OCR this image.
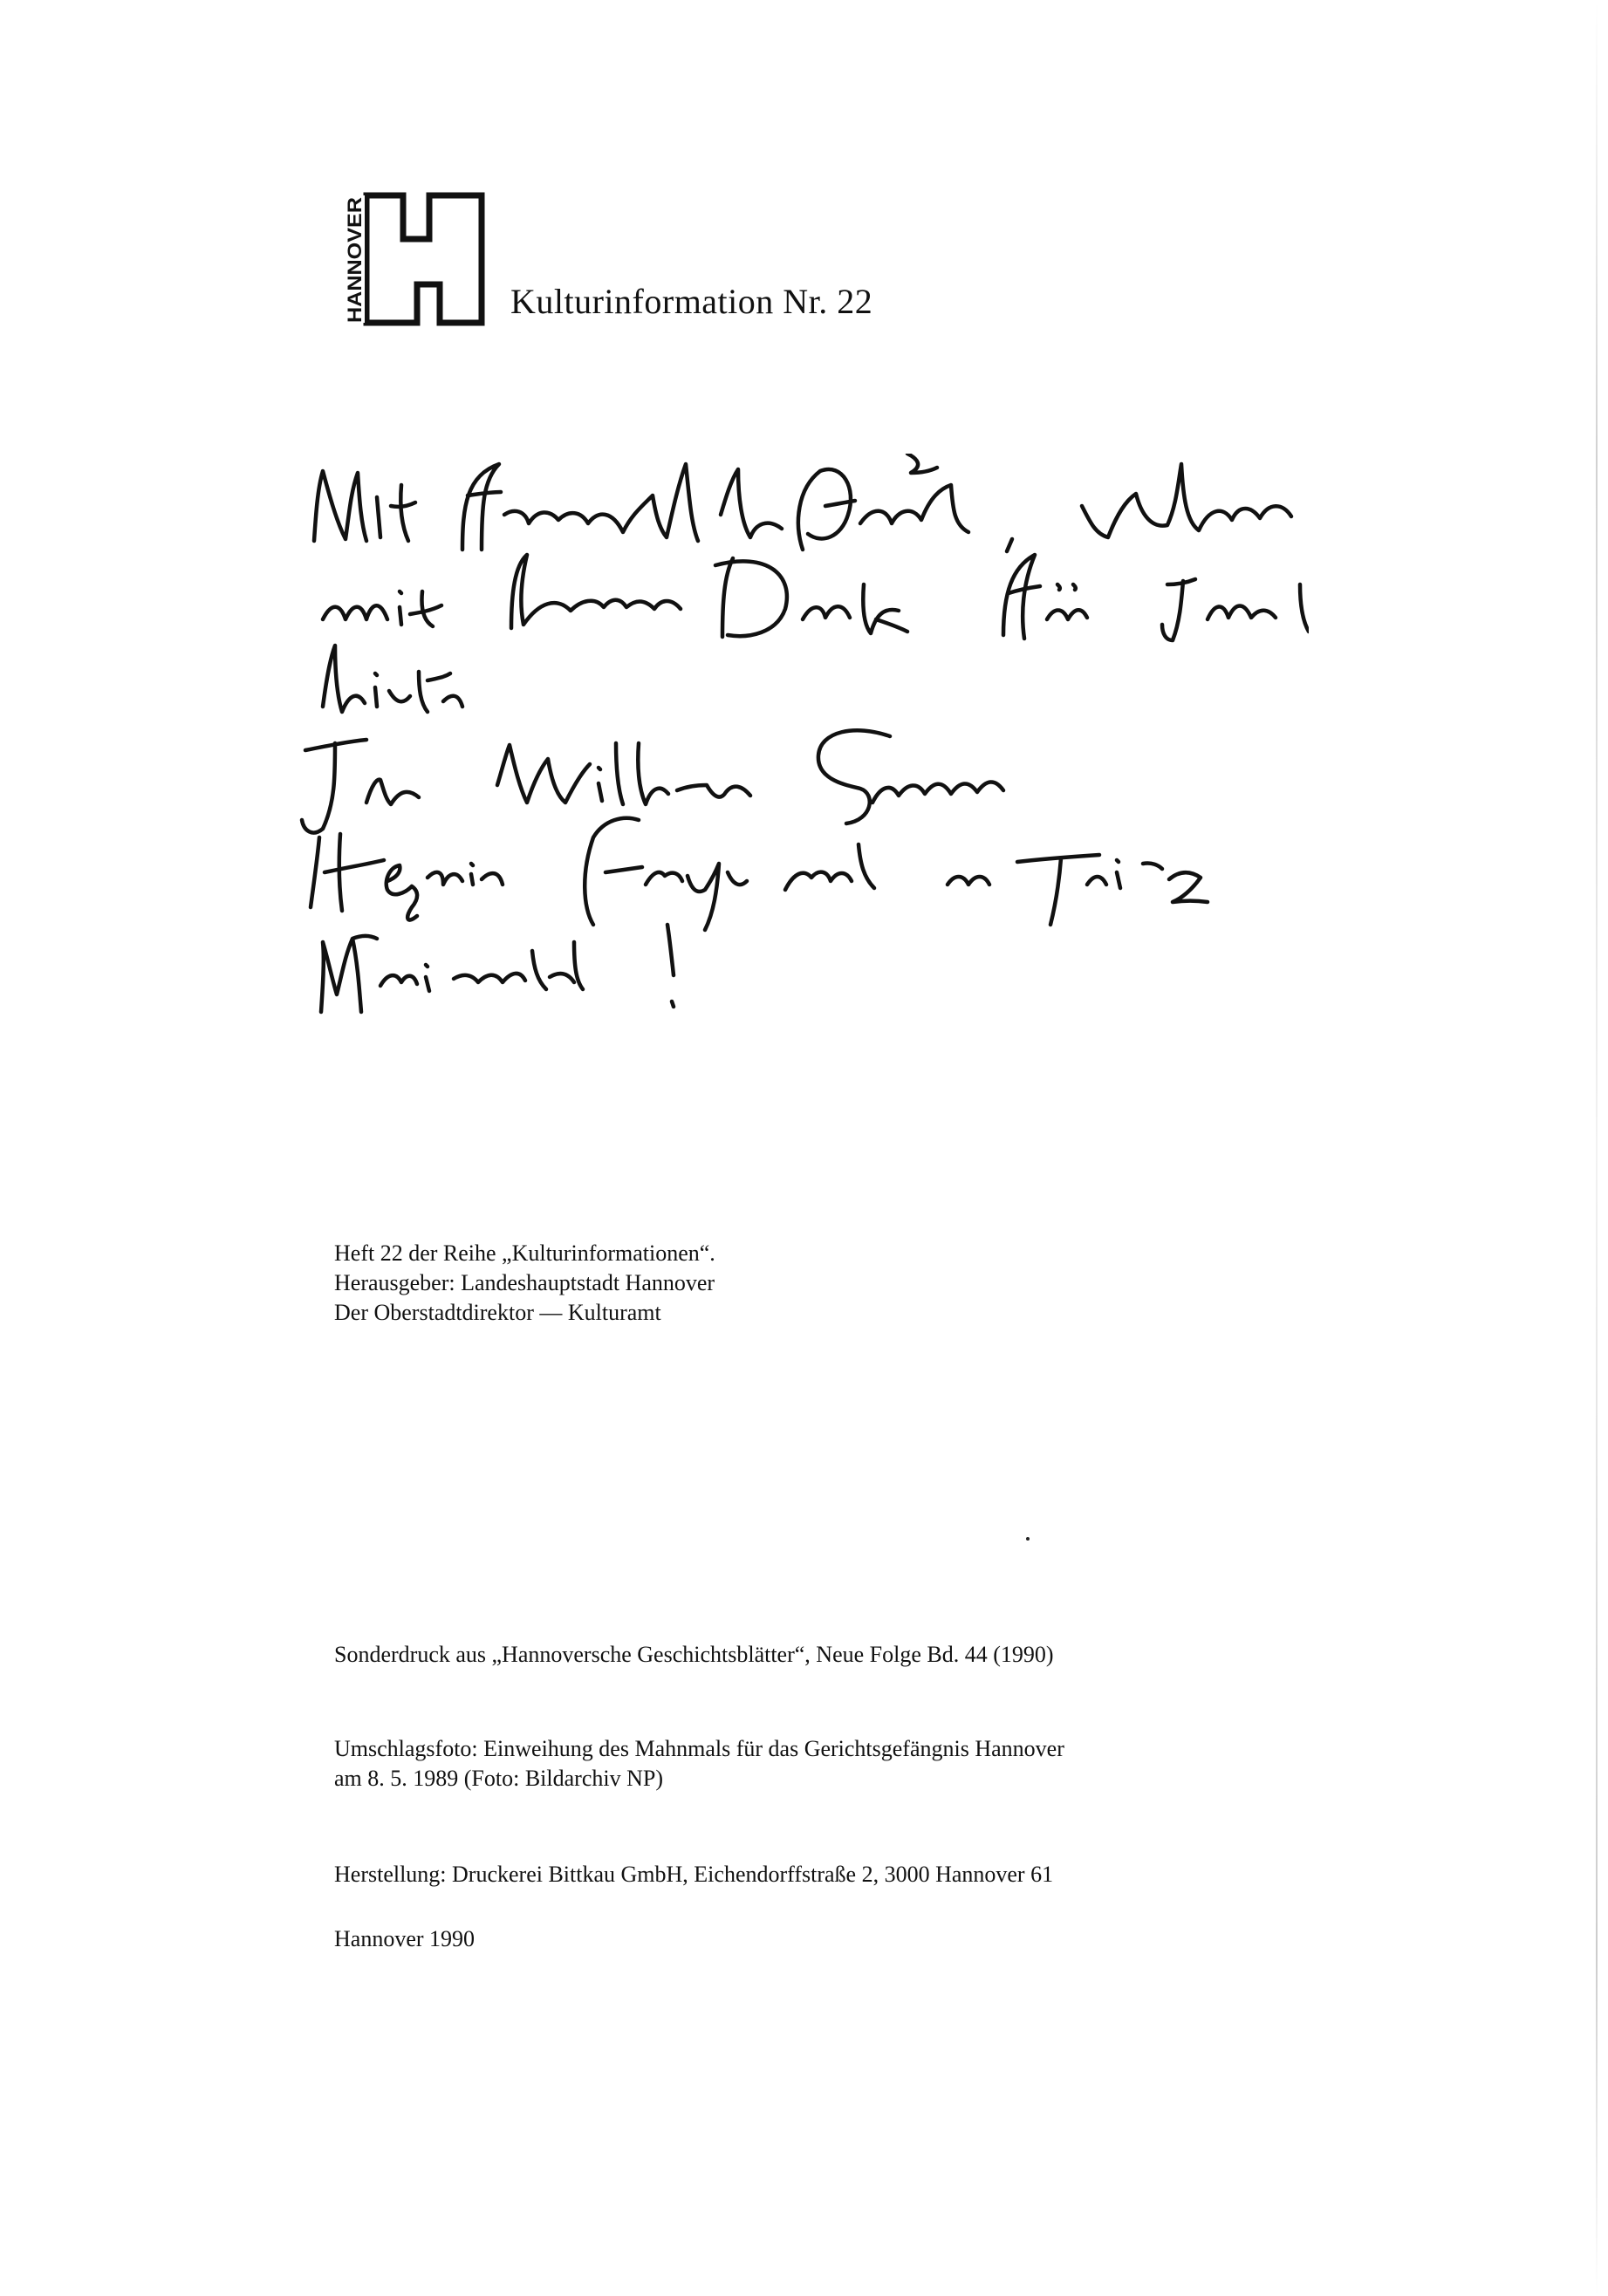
HANNOVER	Kulturinformation Nr. 22
Heft 22 der Reihe „Kulturinformationen“.
Herausgeber: Landeshauptstadt Hannover
Der Oberstadtdirektor — Kulturamt
Sonderdruck aus „Hannoversche Geschichtsblätter“, Neue Folge Bd. 44 (1990)
Umschlagsfoto: Einweihung des Mahnmals für das Gerichtsgefängnis Hannover
am 8. 5. 1989 (Foto: Bildarchiv NP)
Herstellung: Druckerei Bittkau GmbH, Eichendorffstraße 2, 3000 Hannover 61
Hannover 1990
